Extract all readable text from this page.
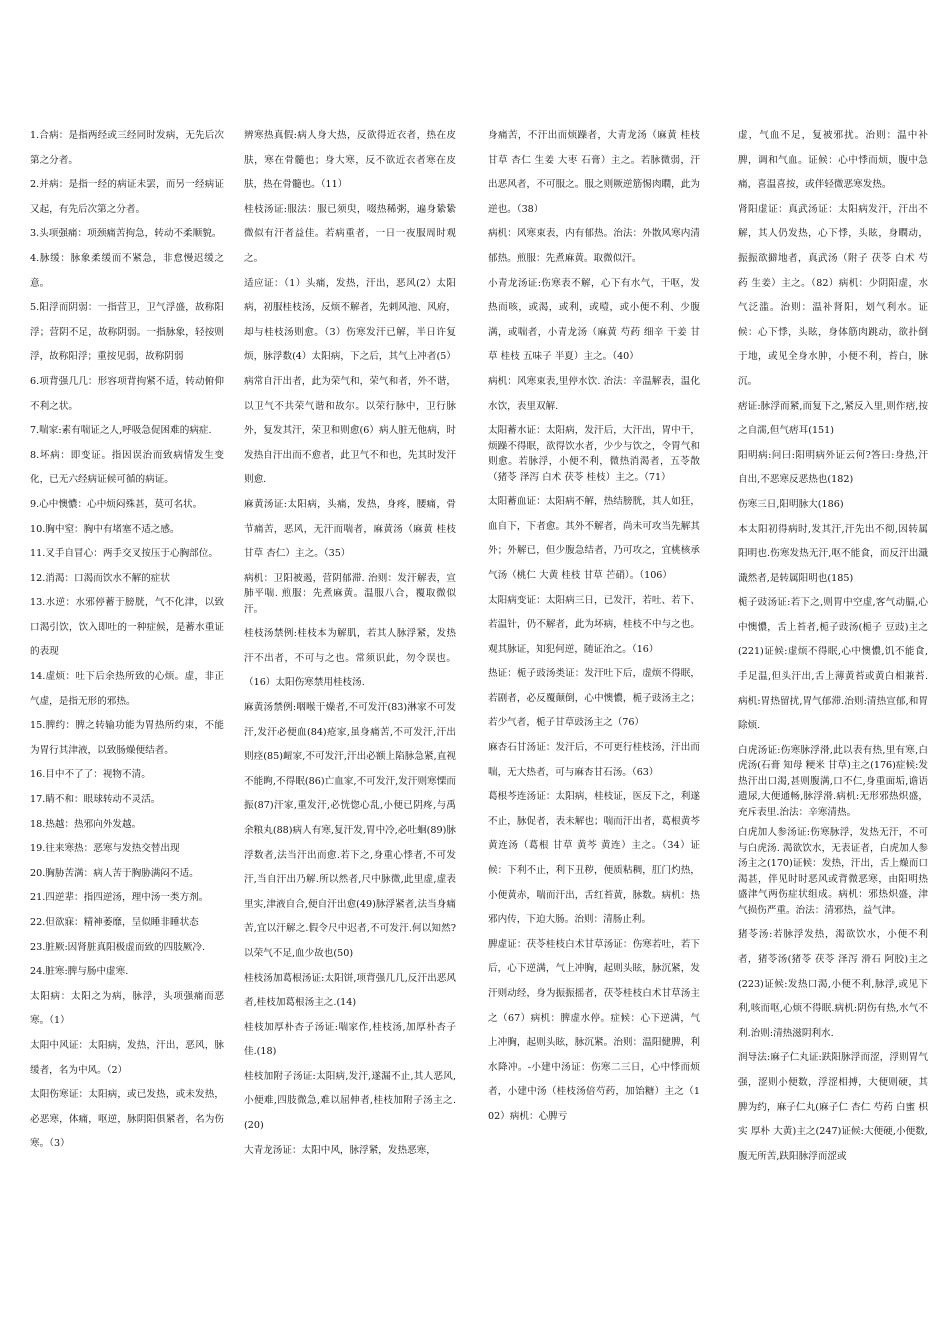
1.合病：是指两经或三经同时发病，无先后次第之分者。

2.并病：是指一经的病证未罢，而另一经病证又起，有先后次第之分者。

3.头项强痛：项颈痛苦拘急，转动不柔顺貌。

4.脉缓：脉象柔缓而不紧急，非怠慢迟缓之意。

5.阳浮而阴弱：一指营卫，卫气浮盛，故称阳浮；营阴不足，故称阴弱。一指脉象，轻按则浮，故称阳浮；重按见弱，故称阴弱

6.项背强几几：形容项背拘紧不适，转动俯仰不利之状。

7.喘家:素有喘证之人,呼吸急促困难的病症.

8.坏病：即变证。指因误治而致病情发生变化，已无六经病证候可循的病证。

9.心中懊憹：心中烦闷殊甚，莫可名状。

10.胸中窒：胸中有堵塞不适之感。

11.叉手自冒心：两手交叉按压于心胸部位。

12.消渴：口渴而饮水不解的症状

13.水逆：水邪停蓄于膀胱，气不化津，以致口渴引饮，饮入即吐的一种症候，是蓄水重证的表现

14.虚烦：吐下后余热所致的心烦。虚，非正气虚，是指无形的邪热。

15.脾约：脾之转输功能为胃热所约束，不能为胃行其津液，以致肠燥便结者。

16.目中不了了：视物不清。

17.睛不和：眼球转动不灵活。

18.热越：热邪向外发越。

19.往来寒热：恶寒与发热交替出现

20.胸胁苦满：病人苦于胸胁满闷不适。

21.四逆辈：指四逆汤，理中汤一类方剂。

22.但欲寐：精神萎靡，呈似睡非睡状态

23.脏厥:因肾脏真阳极虚而致的四肢厥冷.

24.脏寒:脾与肠中虚寒.

太阳病：太阳之为病，脉浮，头项强痛而恶寒。（1）

太阳中风证：太阳病，发热，汗出，恶风，脉缓者，名为中风。（2）

太阳伤寒证：太阳病，或已发热，或未发热，必恶寒，体痛，呕逆，脉阴阳俱紧者，名为伤寒。（3）

辨寒热真假:病人身大热，反欲得近衣者，热在皮肤，寒在骨髓也；身大寒，反不欲近衣者寒在皮肤，热在骨髓也。（11）

桂枝汤证:服法：服已须臾，啜热稀粥，遍身絷絷微似有汗者益佳。若病重者，一日一夜服周时观之。

适应证：（1）头痛，发热，汗出，恶风(2）太阳病，初服桂枝汤，反烦不解者，先刺风池、风府，却与桂枝汤则愈。（3）伤寒发汗已解，半日许复烦，脉浮数(4）太阳病，下之后，其气上冲者(5）病常自汗出者，此为荣气和，荣气和者，外不谐，以卫气不共荣气谐和故尔。以荣行脉中，卫行脉外，复发其汗，荣卫和则愈(6）病人脏无他病，时发热自汗出而不愈者，此卫气不和也，先其时发汗则愈.

麻黄汤证:太阳病，头痛，发热，身疼，腰痛，骨节痛苦，恶风，无汗而喘者，麻黄汤（麻黄 桂枝 甘草 杏仁）主之。（35）

病机：卫阳被遏，营阴郁滞. 治则：发汗解表，宣肺平喘. 煎服：先煮麻黄。温服八合，覆取微似汗。

桂枝汤禁例:桂枝本为解肌，若其人脉浮紧，发热汗不出者，不可与之也。常须识此，勿令误也。（16）太阳伤寒禁用桂枝汤.

麻黄汤禁例:咽喉干燥者,不可发汗(83)淋家不可发汗,发汗必便血(84)疮家,虽身痛苦,不可发汗,汗出则痉(85)衄家,不可发汗,汗出必额上陷脉急紧,直视不能眴,不得眠(86)亡血家,不可发汗,发汗则寒慄而振(87)汗家,重发汗,必恍惚心乱,小便已阴疼,与禹余粮丸(88)病人有寒,复汗发,胃中冷,必吐蛔(89)脉浮数者,法当汗出而愈.若下之,身重心悸者,不可发汗,当自汗出乃解.所以然者,尺中脉微,此里虚,虚表里实,津液自合,便自汗出愈(49)脉浮紧者,法当身痛苦,宜以汗解之.假令尺中迟者,不可发汗.何以知然?以荣气不足,血少故也(50)

桂枝汤加葛根汤证:太阳饼,项背强几几,反汗出恶风者,桂枝加葛根汤主之.(14)

桂枝加厚朴杏子汤证:喘家作,桂枝汤,加厚朴杏子佳.(18)

桂枝加附子汤证:太阳病,发汗,遂漏不止,其人恶风,小便难,四肢微急,难以屈伸者,桂枝加附子汤主之.(20)

大青龙汤证：太阳中风，脉浮紧，发热恶寒，

身痛苦，不汗出而烦躁者，大青龙汤（麻黄 桂枝 甘草 杏仁 生姜 大枣 石膏）主之。若脉微弱，汗出恶风者，不可服之。服之则厥逆筋惕肉瞤，此为逆也。（38）

病机：风寒束表，内有郁热。治法：外散风寒内清郁热。煎服：先煮麻黄。取微似汗。

小青龙汤证:伤寒表不解，心下有水气，干呕，发热而咳，或渴，或利，或噎，或小便不利、少腹满，或喘者，小青龙汤（麻黄 芍药 细辛 干姜 甘草 桂枝 五味子 半夏）主之。（40）

病机：风寒束表,里停水饮. 治法：辛温解表，温化水饮，表里双解.

太阳蓄水证：太阳病，发汗后，大汗出，胃中干，烦躁不得眠，欲得饮水者，少少与饮之，令胃气和则愈。若脉浮，小便不利，微热消渴者，五苓散（猪苓 泽泻 白术 茯苓 桂枝）主之。（71）

太阳蓄血证：太阳病不解，热结膀胱，其人如狂，血自下，下者愈。其外不解者，尚未可攻当先解其外；外解已，但少腹急结者，乃可攻之，宜桃核承气汤（桃仁 大黄 桂枝 甘草 芒硝）。（106）

太阳病变证：太阳病三日，已发汗，若吐、若下、若温针，仍不解者，此为坏病，桂枝不中与之也。观其脉证，知犯何逆，随证治之。（16）

热证：栀子豉汤类证：发汗吐下后，虚烦不得眠，若剧者，必反覆颠倒，心中懊憹，栀子豉汤主之；若少气者，栀子甘草豉汤主之（76）

麻杏石甘汤证：发汗后，不可更行桂枝汤，汗出而喘，无大热者，可与麻杏甘石汤。（63）

葛根芩连汤证：太阳病，桂枝证，医反下之，利遂不止，脉促者，表未解也；喘而汗出者，葛根黄芩黄连汤（葛根 甘草 黄芩 黄连）主之。（34）证候：下利不止，利下丑秽，便质粘稠，肛门灼热，小便黄赤，喘而汗出，舌红苔黄，脉数。病机：热邪内传，下迫大肠。治则：清肠止利。

脾虚证：茯苓桂枝白术甘草汤证：伤寒若吐，若下后，心下逆满，气上冲胸，起则头眩，脉沉紧，发汗则动经，身为振振摇者，茯苓桂枝白术甘草汤主之（67）病机：脾虚水停。症候：心下逆满，气上冲胸，起则头眩，脉沉紧。治则：温阳健脾，利水降冲。-小建中汤证：伤寒二三日，心中悸而烦者，小建中汤（桂枝汤倍芍药，加饴糖）主之（102）病机：心脾亏

虚，气血不足，复被邪扰。治则：温中补脾，调和气血。证候：心中悸而烦，腹中急痛，喜温喜按，或伴轻微恶寒发热。

肾阳虚证：真武汤证：太阳病发汗，汗出不解，其人仍发热，心下悸，头眩，身瞤动，振振欲擗地者，真武汤（附子 茯苓 白术 芍药 生姜）主之。（82）病机：少阴阳虚，水气泛滥。治则：温补肾阳，划气利水。证候：心下悸，头眩，身体筋肉跳动，欲扑倒于地，或见全身水肿，小便不利，苔白，脉沉。

痞证:脉浮而紧,而复下之,紧反入里,则作痞,按之自濡,但气痞耳(151)

阳明病:问曰:阳明病外证云何?答曰:身热,汗自出,不恶寒反恶热也(182)

伤寒三日,阳明脉大(186)

本太阳初得病时,发其汗,汗先出不彻,因转属阳明也.伤寒发热无汗,呕不能食，而反汗出濈濈然者,是转属阳明也(185)

栀子豉汤证:若下之,则胃中空虚,客气动膈,心中懊憹，舌上苔者,栀子豉汤(栀子 豆豉)主之(221)证候:虚烦不得眠,心中懊憹,饥不能食,手足温,但头汗出,舌上薄黄苔或黄白相兼苔.病机:胃热留扰,胃气郁滞.治则:清热宣郁,和胃除烦.

白虎汤证:伤寒脉浮滑,此以表有热,里有寒,白虎汤(石膏 知母 粳米 甘草)主之(176)症候:发热汗出口渴,甚则腹满,口不仁,身重面垢,谵语遗尿,大便通畅,脉浮滑.病机:无形邪热炽盛，充斥表里.治法：辛寒清热。

白虎加人参汤证:伤寒脉浮，发热无汗，不可与白虎汤. 渴欲饮水，无表证者，白虎加人参汤主之(170)证候：发热，汗出，舌上燥而口渴甚，伴见时时恶风或背微恶寒，由阳明热盛津气两伤症状组成。病机：邪热炽盛，津气损伤严重。治法：清邪热，益气津。

猪苓汤:若脉浮发热，渴欲饮水，小便不利者，猪苓汤(猪苓 茯苓 泽泻 滑石 阿胶)主之(223)证候:发热口渴,小便不利,脉浮,或见下利,咳而呕,心烦不得眠.病机:阴伤有热,水气不利.治则:清热滋阴利水.

润导法:麻子仁丸证:趺阳脉浮而涩，浮则胃气强，涩则小便数，浮涩相搏，大便则硬，其脾为约，麻子仁丸(麻子仁 杏仁 芍药 白蜜 枳实 厚朴 大黄)主之(247)证候:大便硬,小便数,腹无所苦,趺阳脉浮而涩或
